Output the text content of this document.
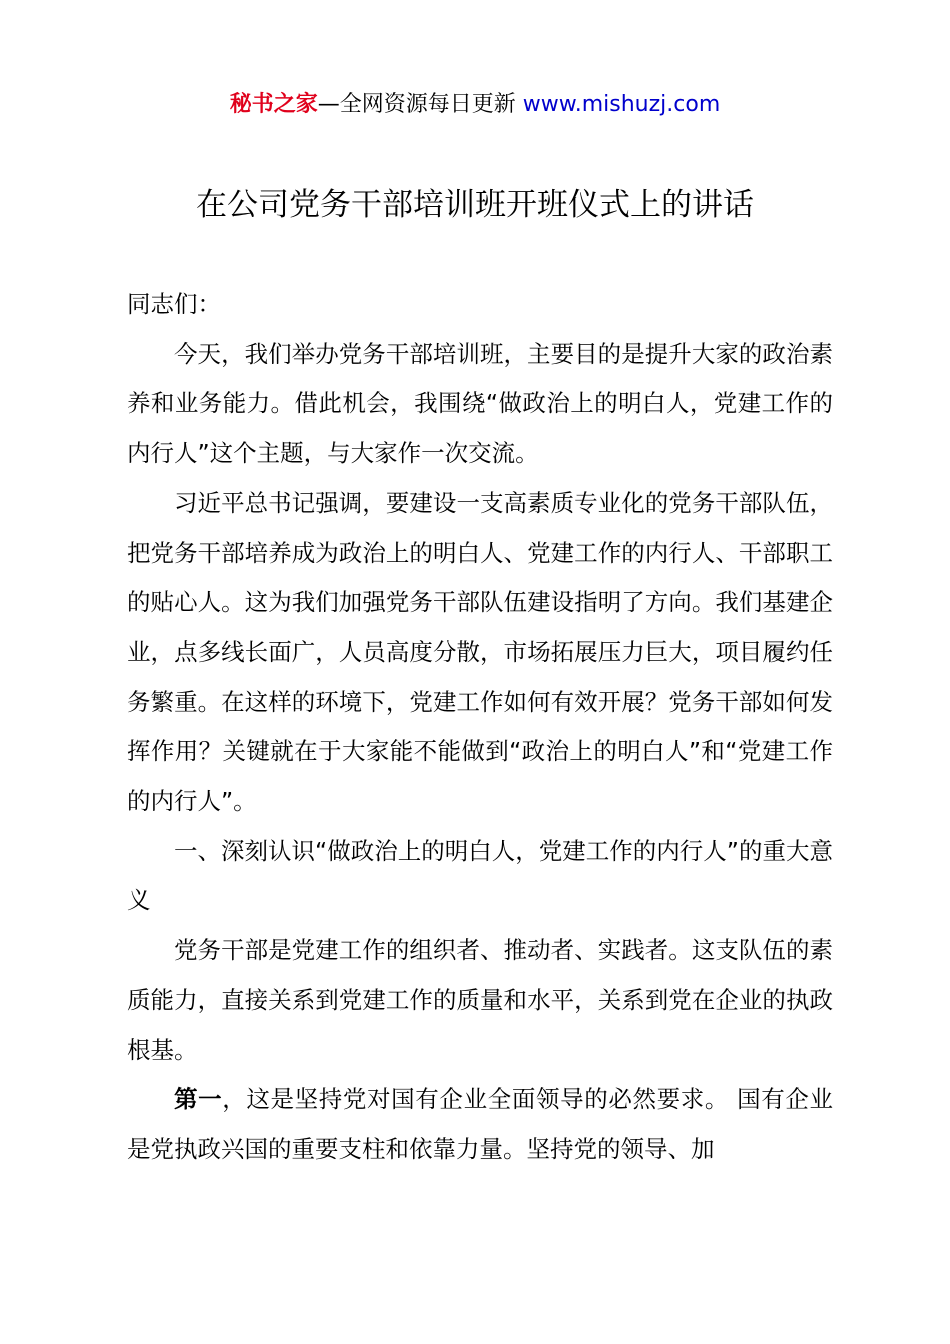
秘书之家—全网资源每日更新 www.mishuzj.com
在公司党务干部培训班开班仪式上的讲话

同志们：

今天，我们举办党务干部培训班，主要目的是提升大家的政治素养和业务能力。借此机会，我围绕“做政治上的明白人，党建工作的内行人”这个主题，与大家作一次交流。

习近平总书记强调，要建设一支高素质专业化的党务干部队伍，把党务干部培养成为政治上的明白人、党建工作的内行人、干部职工的贴心人。这为我们加强党务干部队伍建设指明了方向。我们基建企业，点多线长面广，人员高度分散，市场拓展压力巨大，项目履约任务繁重。在这样的环境下，党建工作如何有效开展？党务干部如何发挥作用？关键就在于大家能不能做到“政治上的明白人”和“党建工作的内行人”。

一、深刻认识“做政治上的明白人，党建工作的内行人”的重大意义

党务干部是党建工作的组织者、推动者、实践者。这支队伍的素质能力，直接关系到党建工作的质量和水平，关系到党在企业的执政根基。

第一，这是坚持党对国有企业全面领导的必然要求。 国有企业是党执政兴国的重要支柱和依靠力量。坚持党的领导、加
